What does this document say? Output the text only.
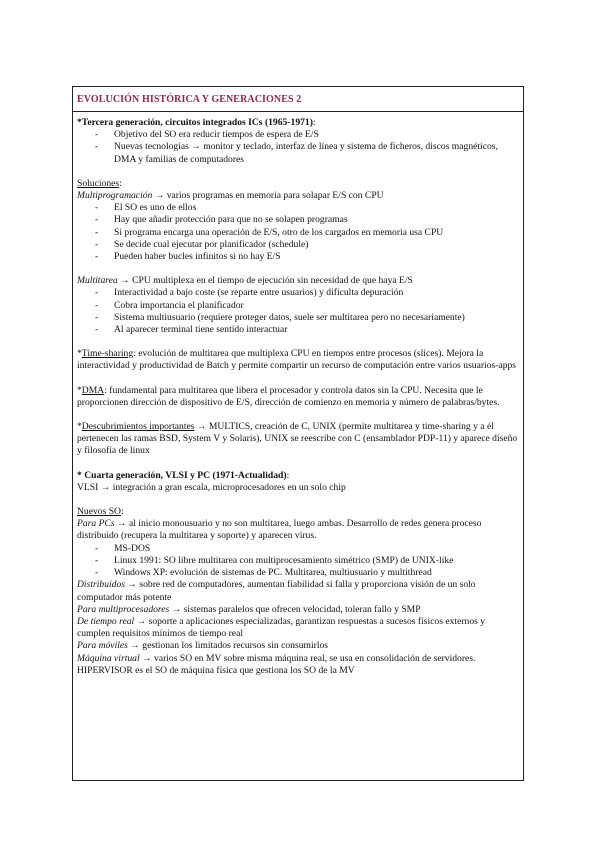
EVOLUCIÓN HISTÓRICA Y GENERACIONES 2

*Tercera generación, circuitos integrados ICs (1965-1971):

- Objetivo del SO era reducir tiempos de espera de E/S
- Nuevas tecnologías → monitor y teclado, interfaz de línea y sistema de ficheros, discos magnéticos, DMA y familias de computadores

Soluciones:

Multiprogramación → varios programas en memoria para solapar E/S con CPU

- El SO es uno de ellos
- Hay que añadir protección para que no se solapen programas
- Si programa encarga una operación de E/S, otro de los cargados en memoria usa CPU
- Se decide cual ejecutar por planificador (schedule)
- Pueden haber bucles infinitos si no hay E/S

Multitarea → CPU multiplexa en el tiempo de ejecución sin necesidad de que haya E/S

- Interactividad a bajo coste (se reparte entre usuarios) y dificulta depuración
- Cobra importancia el planificador
- Sistema multiusuario (requiere proteger datos, suele ser multitarea pero no necesariamente)
- Al aparecer terminal tiene sentido interactuar

*Time-sharing: evolución de multitarea que multiplexa CPU en tiempos entre procesos (slices). Mejora la interactividad y productividad de Batch y permite compartir un recurso de computación entre varios usuarios-apps

*DMA: fundamental para multitarea que libera el procesador y controla datos sin la CPU. Necesita que le proporcionen dirección de dispositivo de E/S, dirección de comienzo en memoria y número de palabras/bytes.

*Descubrimientos importantes → MULTICS, creación de C, UNIX (permite multitarea y time-sharing y a él pertenecen las ramas BSD, System V y Solaris), UNIX se reescribe con C (ensamblador PDP-11) y aparece diseño y filosofía de linux

* Cuarta generación, VLSI y PC (1971-Actualidad):

VLSI → integración a gran escala, microprocesadores en un solo chip

Nuevos SO:

Para PCs → al inicio monousuario y no son multitarea, luego ambas. Desarrollo de redes genera proceso distribuido (recupera la multitarea y soporte) y aparecen virus.

- MS-DOS
- Linux 1991: SO libre multitarea con multiprocesamiento simétrico (SMP) de UNIX-like
- Windows XP: evolución de sistemas de PC. Multitarea, multiusuario y multithread

Distribuidos → sobre red de computadores, aumentan fiabilidad si falla y proporciona visión de un solo computador más potente

Para multiprocesadores → sistemas paralelos que ofrecen velocidad, toleran fallo y SMP

De tiempo real → soporte a aplicaciones especializadas, garantizan respuestas a sucesos físicos externos y cumplen requisitos mínimos de tiempo real

Para móviles → gestionan los limitados recursos sin consumirlos

Máquina virtual → varios SO en MV sobre misma máquina real, se usa en consolidación de servidores. HIPERVISOR es el SO de máquina física que gestiona los SO de la MV
